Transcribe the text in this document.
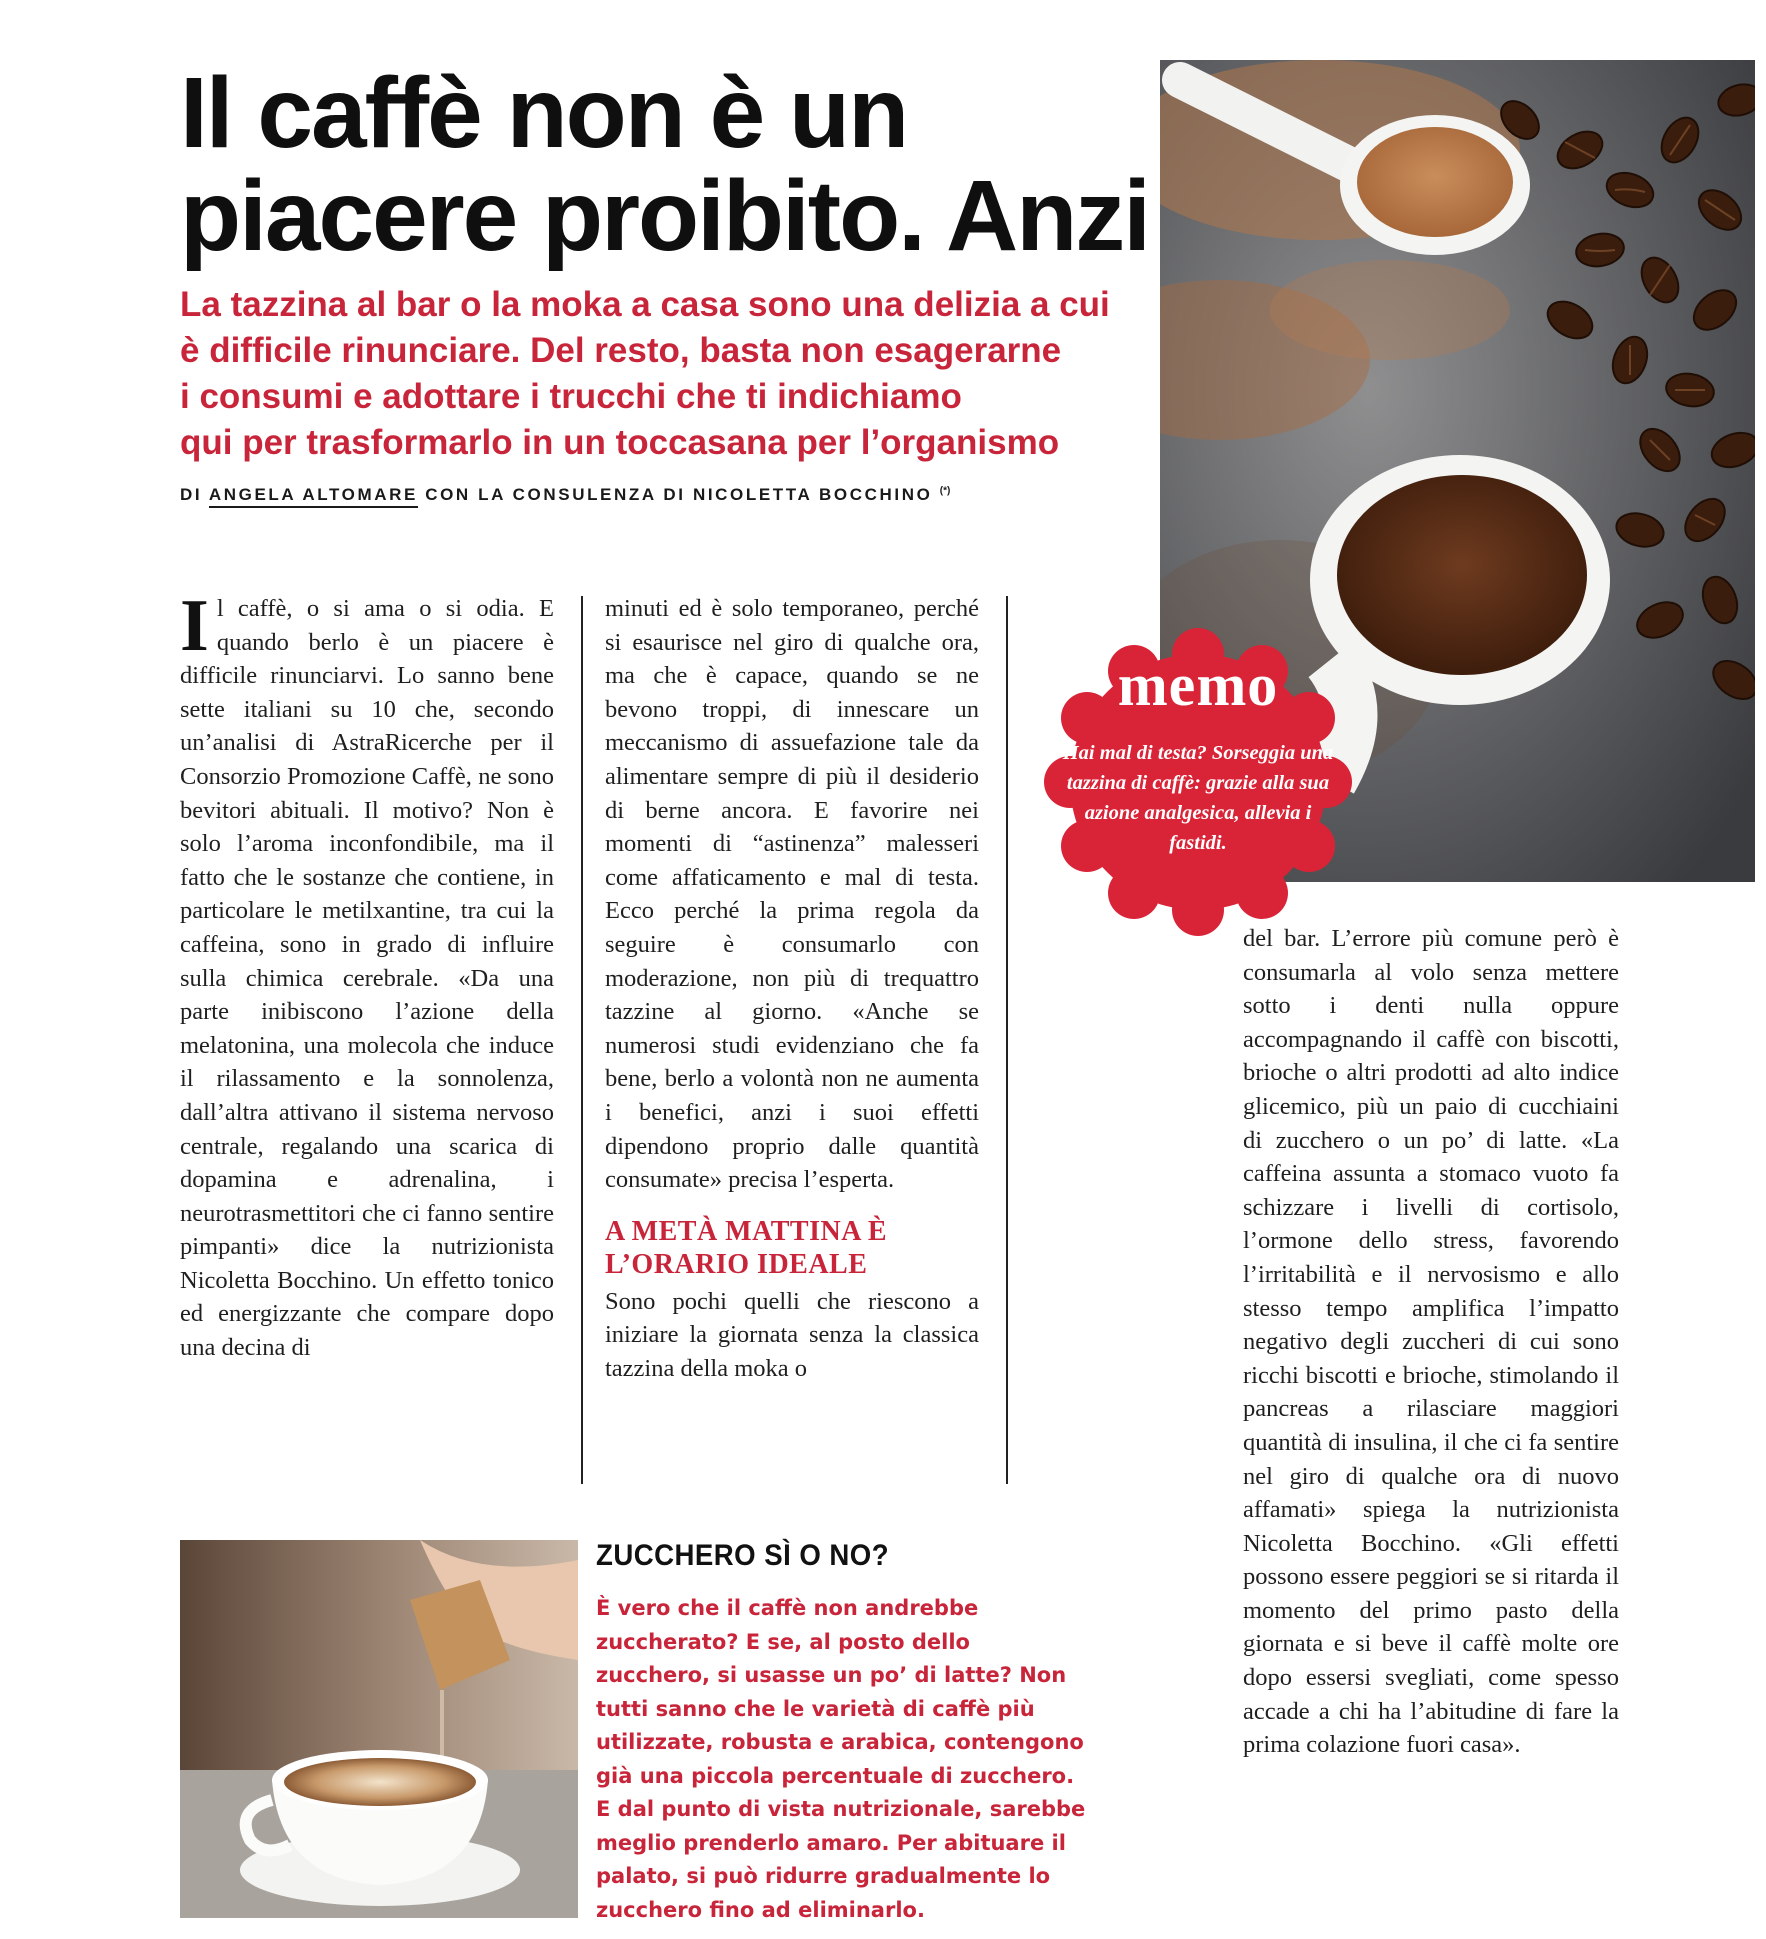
Il caffè non è un
piacere proibito. Anzi
La tazzina al bar o la moka a casa sono una delizia a cui
è difficile rinunciare. Del resto, basta non esagerarne
i consumi e adottare i trucchi che ti indichiamo
qui per trasformarlo in un toccasana per l’organismo
DI ANGELA ALTOMARE CON LA CONSULENZA DI NICOLETTA BOCCHINO (*)

Il caffè, o si ama o si odia. E quando berlo è un piacere è difficile rinunciarvi. Lo sanno bene sette italiani su 10 che, secondo un’analisi di AstraRicerche per il Consorzio Promozione Caffè, ne sono bevitori abituali. Il motivo? Non è solo l’aroma inconfondibile, ma il fatto che le sostanze che contiene, in particolare le metilxantine, tra cui la caffeina, sono in grado di influire sulla chimica cerebrale. «Da una parte inibiscono l’azione della melatonina, una molecola che induce il rilassamento e la sonnolenza, dall’altra attivano il sistema nervoso centrale, regalando una scarica di dopamina e adrenalina, i neurotrasmettitori che ci fanno sentire pimpanti» dice la nutrizionista Nicoletta Bocchino. Un effetto tonico ed energizzante che compare dopo una decina di

minuti ed è solo temporaneo, perché si esaurisce nel giro di qualche ora, ma che è capace, quando se ne bevono troppi, di innescare un meccanismo di assuefazione tale da alimentare sempre di più il desiderio di berne ancora. E favorire nei momenti di “astinenza” malesseri come affaticamento e mal di testa. Ecco perché la prima regola da seguire è consumarlo con moderazione, non più di trequattro tazzine al giorno. «Anche se numerosi studi evidenziano che fa bene, berlo a volontà non ne aumenta i benefici, anzi i suoi effetti dipendono proprio dalle quantità consumate» precisa l’esperta.

A METÀ MATTINA È
L’ORARIO IDEALE

Sono pochi quelli che riescono a iniziare la giornata senza la classica tazzina della moka o

del bar. L’errore più comune però è consumarla al volo senza mettere sotto i denti nulla oppure accompagnando il caffè con biscotti, brioche o altri prodotti ad alto indice glicemico, più un paio di cucchiaini di zucchero o un po’ di latte. «La caffeina assunta a stomaco vuoto fa schizzare i livelli di cortisolo, l’ormone dello stress, favorendo l’irritabilità e il nervosismo e allo stesso tempo amplifica l’impatto negativo degli zuccheri di cui sono ricchi biscotti e brioche, stimolando il pancreas a rilasciare maggiori quantità di insulina, il che ci fa sentire nel giro di qualche ora di nuovo affamati» spiega la nutrizionista Nicoletta Bocchino. «Gli effetti possono essere peggiori se si ritarda il momento del primo pasto della giornata e si beve il caffè molte ore dopo essersi svegliati, come spesso accade a chi ha l’abitudine di fare la prima colazione fuori casa».

memo
Hai mal di testa? Sorseggia una tazzina di caffè: grazie alla sua azione analgesica, allevia i fastidi.
ZUCCHERO SÌ O NO?
È vero che il caffè non andrebbe
zuccherato? E se, al posto dello
zucchero, si usasse un po’ di latte? Non
tutti sanno che le varietà di caffè più
utilizzate, robusta e arabica, contengono
già una piccola percentuale di zucchero.
E dal punto di vista nutrizionale, sarebbe
meglio prenderlo amaro. Per abituare il
palato, si può ridurre gradualmente lo
zucchero fino ad eliminarlo.
